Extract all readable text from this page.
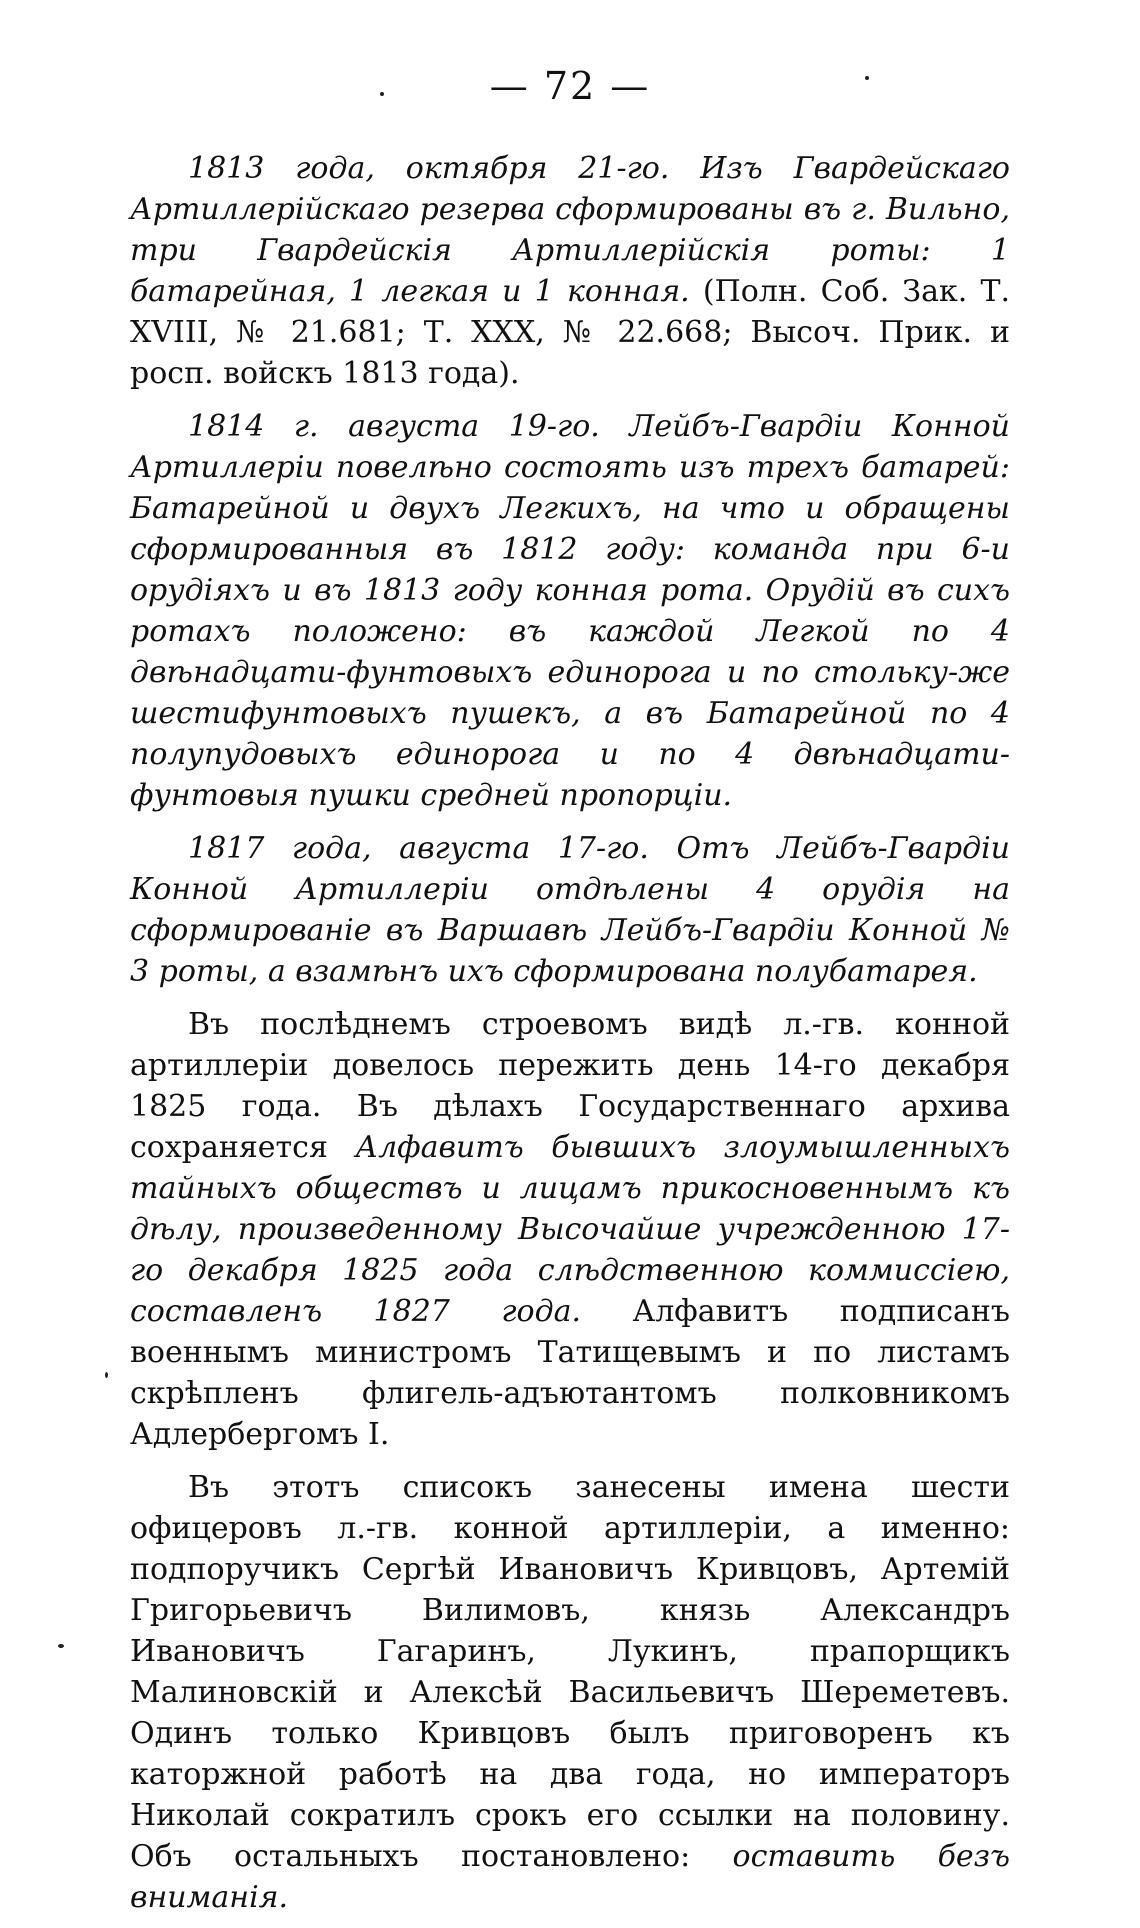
— 72 —

1813 года, октября 21-го. Изъ Гвардейскаго Артиллерiйскаго резерва сформированы въ г. Вильно, три Гвардейскiя Артиллерiйскiя роты: 1 батарейная, 1 легкая и 1 конная. (Полн. Соб. Зак. Т. XVIII, № 21.681; Т. XXX, № 22.668; Высоч. Прик. и росп. войскъ 1813 года).

1814 г. августа 19-го. Лейбъ-Гвардiи Конной Артиллерiи повелѣно состоять изъ трехъ батарей: Батарейной и двухъ Легкихъ, на что и обращены сформированныя въ 1812 году: команда при 6-и орудiяхъ и въ 1813 году конная рота. Орудiй въ сихъ ротахъ положено: въ каждой Легкой по 4 двѣнадцати-фунтовыхъ единорога и по стольку-же шестифунтовыхъ пушекъ, а въ Батарейной по 4 полупудовыхъ единорога и по 4 двѣнадцати-фунтовыя пушки средней пропорцiи.

1817 года, августа 17-го. Отъ Лейбъ-Гвардiи Конной Артиллерiи отдѣлены 4 орудiя на сформированiе въ Варшавѣ Лейбъ-Гвардiи Конной № 3 роты, а взамѣнъ ихъ сформирована полубатарея.

Въ послѣднемъ строевомъ видѣ л.-гв. конной артиллерiи довелось пережить день 14-го декабря 1825 года. Въ дѣлахъ Государственнаго архива сохраняется Алфавитъ бывшихъ злоумышленныхъ тайныхъ обществъ и лицамъ прикосновеннымъ къ дѣлу, произведенному Высочайше учрежденною 17-го декабря 1825 года слѣдственною коммиссiею, составленъ 1827 года. Алфавитъ подписанъ военнымъ министромъ Татищевымъ и по листамъ скрѣпленъ флигель-адъютантомъ полковникомъ Адлербергомъ I.

Въ этотъ списокъ занесены имена шести офицеровъ л.-гв. конной артиллерiи, а именно: подпоручикъ Сергѣй Ивановичъ Кривцовъ, Артемiй Григорьевичъ Вилимовъ, князь Александръ Ивановичъ Гагаринъ, Лукинъ, прапорщикъ Малиновскiй и Алексѣй Васильевичъ Шереметевъ. Одинъ только Кривцовъ былъ приговоренъ къ каторжной работѣ на два года, но императоръ Николай сократилъ срокъ его ссылки на половину. Объ остальныхъ постановлено: оставить безъ вниманiя.
